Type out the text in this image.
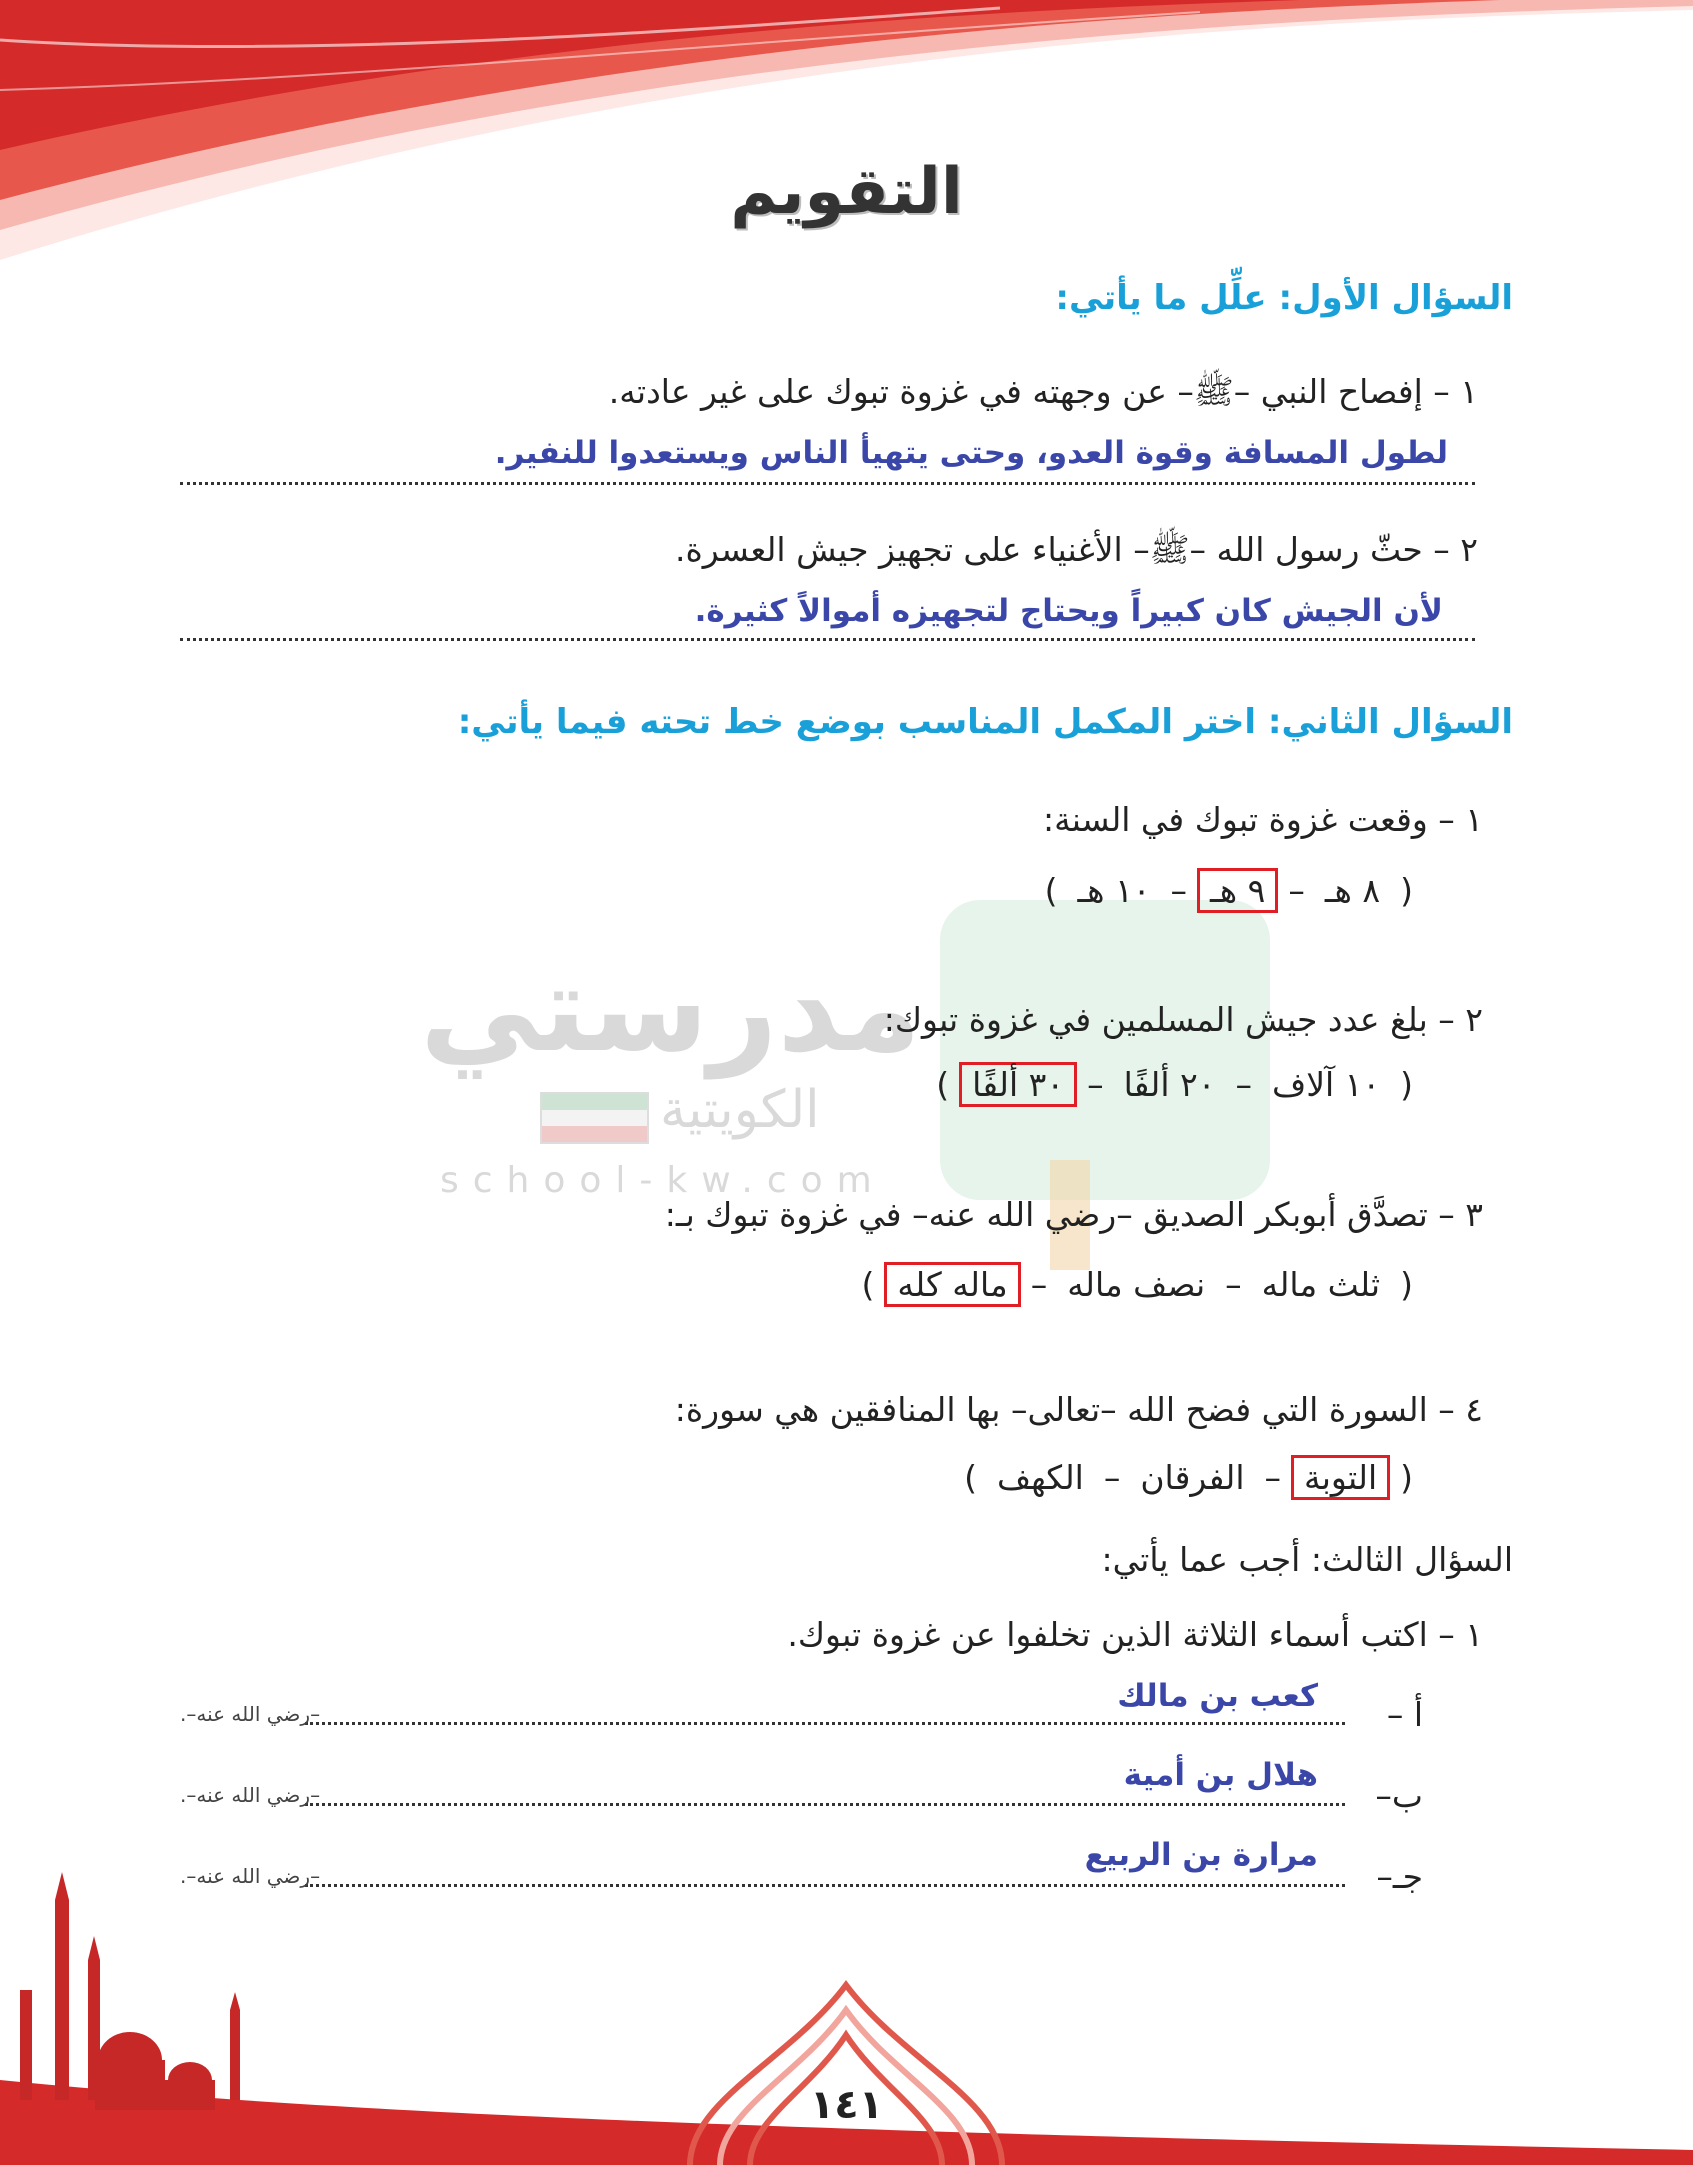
مدرستي
الكويتية
school-kw.com
التقويم
السؤال الأول: علِّل ما يأتي:
١ – إفصاح النبي –ﷺ– عن وجهته في غزوة تبوك على غير عادته.
لطول المسافة وقوة العدو، وحتى يتهيأ الناس ويستعدوا للنفير.
٢ – حثّ رسول الله –ﷺ– الأغنياء على تجهيز جيش العسرة.
لأن الجيش كان كبيراً ويحتاج لتجهيزه أموالاً كثيرة.
السؤال الثاني: اختر المكمل المناسب بوضع خط تحته فيما يأتي:
١ – وقعت غزوة تبوك في السنة:
(٨ هـ–٩ هـ–١٠ هـ)
٢ – بلغ عدد جيش المسلمين في غزوة تبوك:
(١٠ آلاف–٢٠ ألفًا–٣٠ ألفًا)
٣ – تصدَّق أبوبكر الصديق –رضي الله عنه– في غزوة تبوك بـ:
(ثلث ماله–نصف ماله–ماله كله)
٤ – السورة التي فضح الله –تعالى– بها المنافقين هي سورة:
(التوبة–الفرقان–الكهف)
السؤال الثالث: أجب عما يأتي:
١ – اكتب أسماء الثلاثة الذين تخلفوا عن غزوة تبوك.
أ –
كعب بن مالك
–رضي الله عنه–.
ب–
هلال بن أمية
–رضي الله عنه–.
جـ–
مرارة بن الربيع
–رضي الله عنه–.
١٤١
